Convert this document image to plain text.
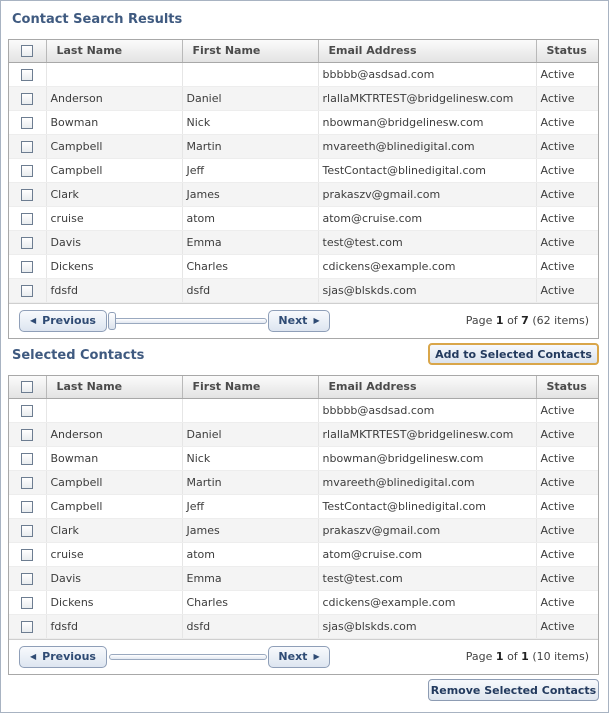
Contact Search Results
	Last Name	First Name	Email Address	Status
			bbbbb@asdsad.com	Active
	Anderson	Daniel	rlallaMKTRTEST@bridgelinesw.com	Active
	Bowman	Nick	nbowman@bridgelinesw.com	Active
	Campbell	Martin	mvareeth@blinedigital.com	Active
	Campbell	Jeff	TestContact@blinedigital.com	Active
	Clark	James	prakaszv@gmail.com	Active
	cruise	atom	atom@cruise.com	Active
	Davis	Emma	test@test.com	Active
	Dickens	Charles	cdickens@example.com	Active
	fdsfd	dsfd	sjas@blskds.com	Active
◀ Previous	Next ▶	Page 1 of 7 (62 items)
Selected Contacts	Add to Selected Contacts
	Last Name	First Name	Email Address	Status
			bbbbb@asdsad.com	Active
	Anderson	Daniel	rlallaMKTRTEST@bridgelinesw.com	Active
	Bowman	Nick	nbowman@bridgelinesw.com	Active
	Campbell	Martin	mvareeth@blinedigital.com	Active
	Campbell	Jeff	TestContact@blinedigital.com	Active
	Clark	James	prakaszv@gmail.com	Active
	cruise	atom	atom@cruise.com	Active
	Davis	Emma	test@test.com	Active
	Dickens	Charles	cdickens@example.com	Active
	fdsfd	dsfd	sjas@blskds.com	Active
◀ Previous	Next ▶	Page 1 of 1 (10 items)
Remove Selected Contacts
